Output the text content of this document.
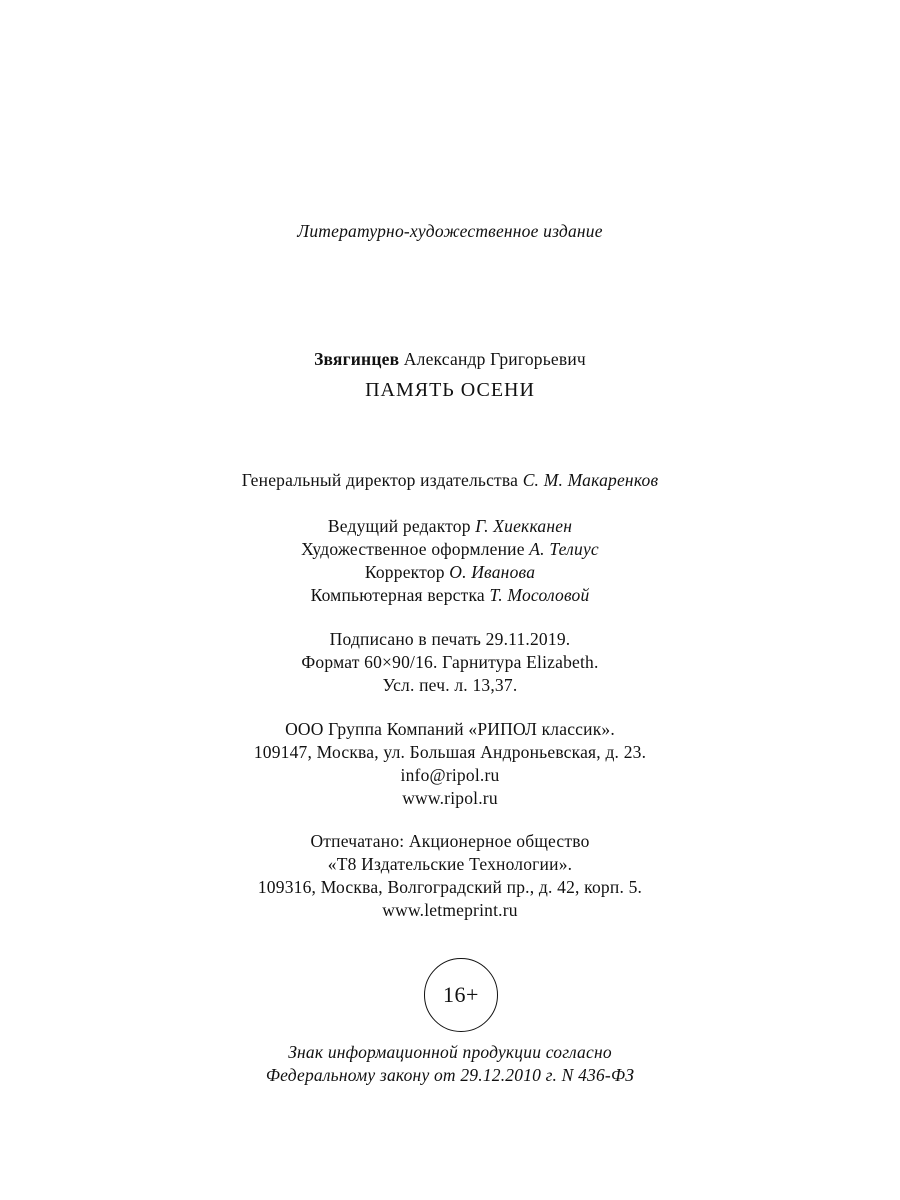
Литературно-художественное издание
Звягинцев Александр Григорьевич
ПАМЯТЬ ОСЕНИ
Генеральный директор издательства С. М. Макаренков
Ведущий редактор Г. Хиекканен
Художественное оформление А. Телиус
Корректор О. Иванова
Компьютерная верстка Т. Мосоловой
Подписано в печать 29.11.2019.
Формат 60×90/16. Гарнитура Elizabeth.
Усл. печ. л. 13,37.
ООО Группа Компаний «РИПОЛ классик».
109147, Москва, ул. Большая Андроньевская, д. 23.
info@ripol.ru
www.ripol.ru
Отпечатано: Акционерное общество
«Т8 Издательские Технологии».
109316, Москва, Волгоградский пр., д. 42, корп. 5.
www.letmeprint.ru
16+
Знак информационной продукции согласно
Федеральному закону от 29.12.2010 г. N 436-ФЗ
